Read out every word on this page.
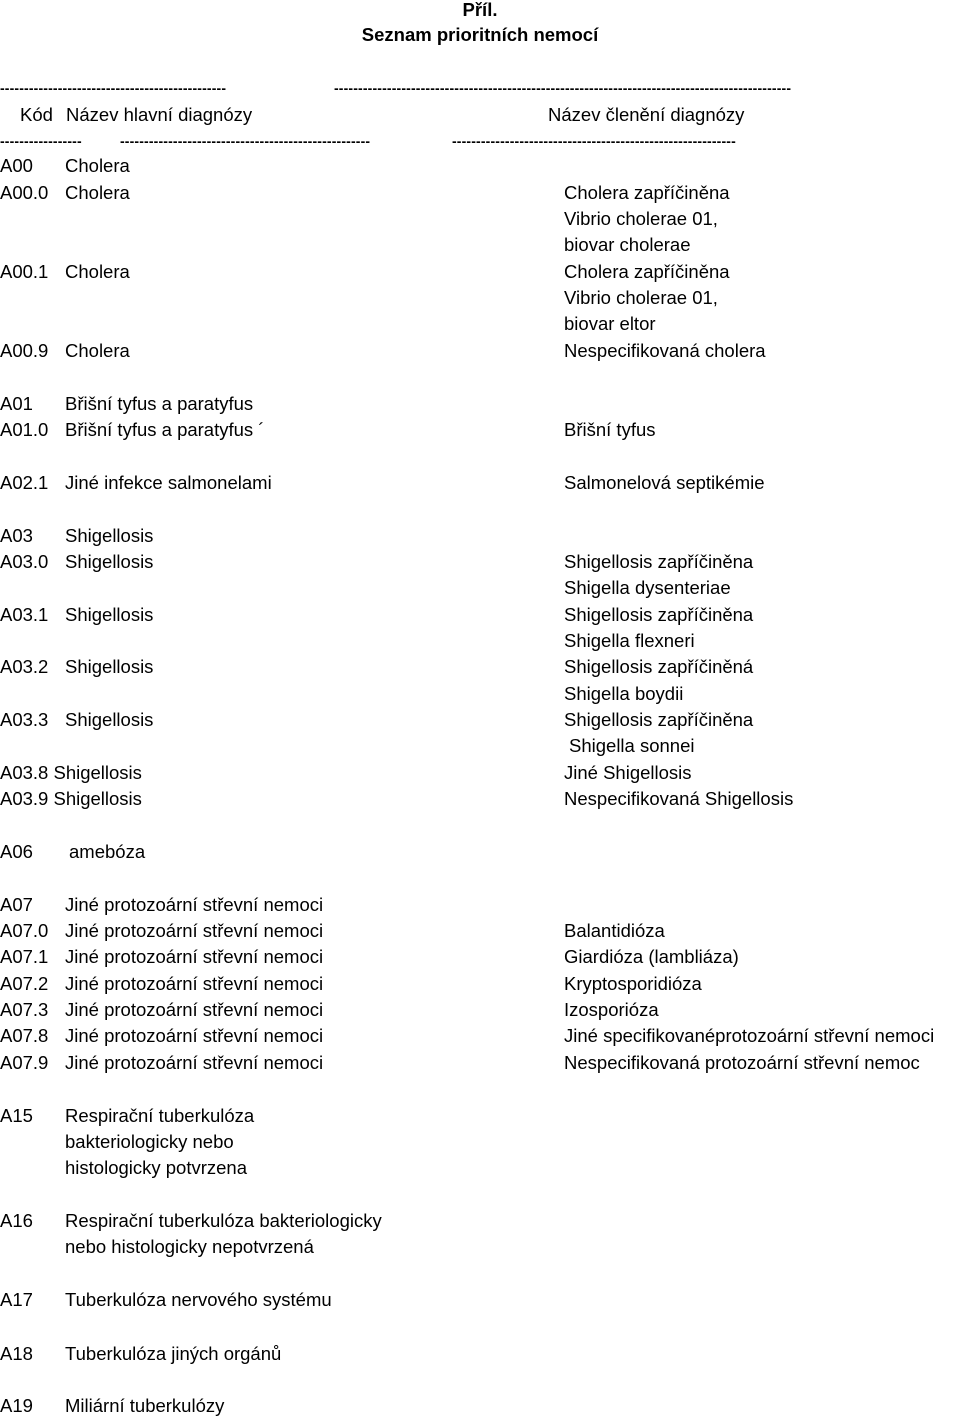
Příl.
Seznam prioritních nemocí
-----------------------------------------------	-----------------------------------------------------------------------------------------------
Kód Název hlavní diagnózy	Název členění diagnózy
-----------------	----------------------------------------------------	-----------------------------------------------------------
A00 Cholera
A00.0 Cholera	Cholera zapříčiněna
Vibrio cholerae 01,
biovar cholerae
A00.1 Cholera	Cholera zapříčiněna
Vibrio cholerae 01,
biovar eltor
A00.9 Cholera	Nespecifikovaná cholera
A01 Břišní tyfus a paratyfus
A01.0 Břišní tyfus a paratyfus ´	Břišní tyfus
A02.1 Jiné infekce salmonelami	Salmonelová septikémie
A03 Shigellosis
A03.0 Shigellosis	Shigellosis zapříčiněna
Shigella dysenteriae
A03.1 Shigellosis	Shigellosis zapříčiněna
Shigella flexneri
A03.2 Shigellosis	Shigellosis zapříčiněná
Shigella boydii
A03.3 Shigellosis	Shigellosis zapříčiněna
Shigella sonnei
A03.8 Shigellosis	Jiné Shigellosis
A03.9 Shigellosis	Nespecifikovaná Shigellosis
A06 amebóza
A07 Jiné protozoární střevní nemoci
A07.0 Jiné protozoární střevní nemoci	Balantidióza
A07.1 Jiné protozoární střevní nemoci	Giardióza (lambliáza)
A07.2 Jiné protozoární střevní nemoci	Kryptosporidióza
A07.3 Jiné protozoární střevní nemoci	Izosporióza
A07.8 Jiné protozoární střevní nemoci	Jiné specifikovanéprotozoární střevní nemoci
A07.9 Jiné protozoární střevní nemoci	Nespecifikovaná protozoární střevní nemoc
A15 Respirační tuberkulóza
bakteriologicky nebo
histologicky potvrzena
A16 Respirační tuberkulóza bakteriologicky
nebo histologicky nepotvrzená
A17 Tuberkulóza nervového systému
A18 Tuberkulóza jiných orgánů
A19 Miliární tuberkulózy
